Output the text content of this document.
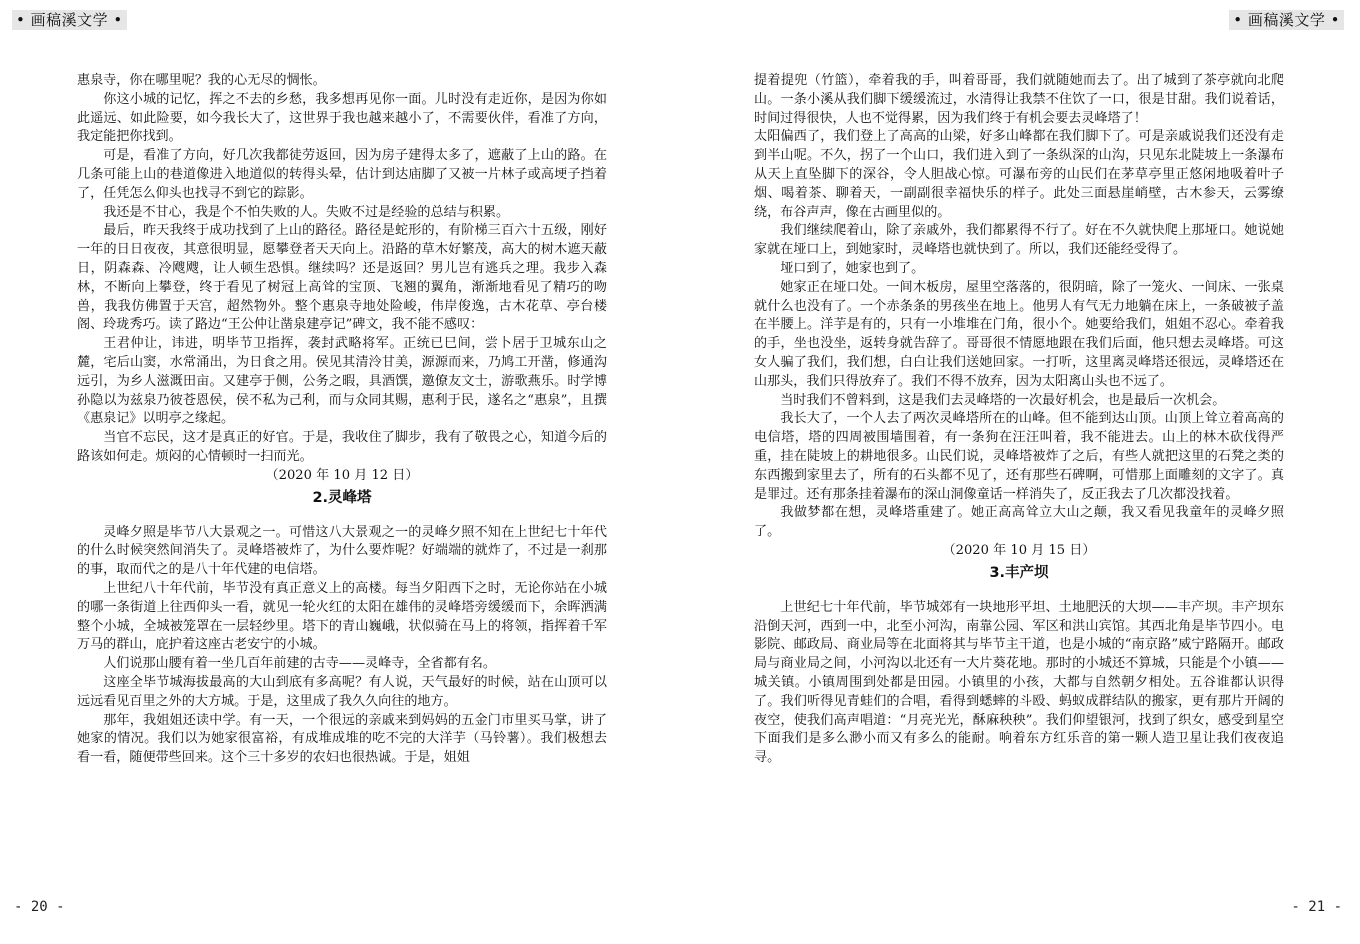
• 画稿溪文学 •	• 画稿溪文学 •

惠泉寺，你在哪里呢？我的心无尽的惆怅。

你这小城的记忆，挥之不去的乡愁，我多想再见你一面。儿时没有走近你，是因为你如此遥远、如此险要，如今我长大了，这世界于我也越来越小了，不需要伙伴，看准了方向，我定能把你找到。

可是，看准了方向，好几次我都徒劳返回，因为房子建得太多了，遮蔽了上山的路。在几条可能上山的巷道像进入地道似的转得头晕，估计到达庙脚了又被一片林子或高埂子挡着了，任凭怎么仰头也找寻不到它的踪影。

我还是不甘心，我是个不怕失败的人。失败不过是经验的总结与积累。

最后，昨天我终于成功找到了上山的路径。路径是蛇形的，有阶梯三百六十五级，刚好一年的日日夜夜，其意很明显，愿攀登者天天向上。沿路的草木好繁茂，高大的树木遮天蔽日，阴森森、冷飕飕，让人顿生恐惧。继续吗？还是返回？男儿岂有逃兵之理。我步入森林，不断向上攀登，终于看见了树冠上高耸的宝顶、飞翘的翼角，渐渐地看见了精巧的吻兽，我我仿佛置于天宫，超然物外。整个惠泉寺地处险峻，伟岸俊逸，古木花草、亭台楼阁、玲珑秀巧。读了路边“王公仲让凿泉建亭记”碑文，我不能不感叹：

王君仲让，讳进，明毕节卫指挥，袭封武略将军。正统已巳间，尝卜居于卫城东山之麓，宅后山窦，水常涌出，为日食之用。侯见其清泠甘美，源源而来，乃鸠工开凿，修通沟远引，为乡人滋溉田亩。又建亭于侧，公务之暇，具酒馔，邀僚友文士，游歌燕乐。时学博孙隐以为兹泉乃彼苍恩侯，侯不私为己利，而与众同其赐，惠利于民，遂名之“惠泉”，且撰《惠泉记》以明亭之缘起。

当官不忘民，这才是真正的好官。于是，我收住了脚步，我有了敬畏之心，知道今后的路该如何走。烦闷的心情顿时一扫而光。

（2020 年 10 月 12 日）

2.灵峰塔

灵峰夕照是毕节八大景观之一。可惜这八大景观之一的灵峰夕照不知在上世纪七十年代的什么时候突然间消失了。灵峰塔被炸了，为什么要炸呢？好端端的就炸了，不过是一刹那的事，取而代之的是八十年代建的电信塔。

上世纪八十年代前，毕节没有真正意义上的高楼。每当夕阳西下之时，无论你站在小城的哪一条街道上往西仰头一看，就见一轮火红的太阳在雄伟的灵峰塔旁缓缓而下，余晖洒满整个小城，全城被笼罩在一层轻纱里。塔下的青山巍峨，状似骑在马上的将领，指挥着千军万马的群山，庇护着这座古老安宁的小城。

人们说那山腰有着一坐几百年前建的古寺——灵峰寺，全省都有名。

这座全毕节城海拔最高的大山到底有多高呢？有人说，天气最好的时候，站在山顶可以远远看见百里之外的大方城。于是，这里成了我久久向往的地方。

那年，我姐姐还读中学。有一天，一个很远的亲戚来到妈妈的五金门市里买马掌，讲了她家的情况。我们以为她家很富裕，有成堆成堆的吃不完的大洋芋（马铃薯）。我们极想去看一看，随便带些回来。这个三十多岁的农妇也很热诚。于是，姐姐

提着提兜（竹篮），牵着我的手，叫着哥哥，我们就随她而去了。出了城到了茶亭就向北爬山。一条小溪从我们脚下缓缓流过，水清得让我禁不住饮了一口，很是甘甜。我们说着话，时间过得很快，人也不觉得累，因为我们终于有机会要去灵峰塔了！

太阳偏西了，我们登上了高高的山梁，好多山峰都在我们脚下了。可是亲戚说我们还没有走到半山呢。不久，拐了一个山口，我们进入到了一条纵深的山沟，只见东北陡坡上一条瀑布从天上直坠脚下的深谷，令人胆战心惊。可瀑布旁的山民们在茅草亭里正悠闲地吸着叶子烟、喝着茶、聊着天，一副副很幸福快乐的样子。此处三面悬崖峭壁，古木参天，云雾缭绕，布谷声声，像在古画里似的。

我们继续爬着山，除了亲戚外，我们都累得不行了。好在不久就快爬上那垭口。她说她家就在垭口上，到她家时，灵峰塔也就快到了。所以，我们还能经受得了。

垭口到了，她家也到了。

她家正在垭口处。一间木板房，屋里空落落的，很阴暗，除了一笼火、一间床、一张桌就什么也没有了。一个赤条条的男孩坐在地上。他男人有气无力地躺在床上，一条破被子盖在半腰上。洋芋是有的，只有一小堆堆在门角，很小个。她要给我们，姐姐不忍心。牵着我的手，坐也没坐，返转身就告辞了。哥哥很不情愿地跟在我们后面，他只想去灵峰塔。可这女人骗了我们，我们想，白白让我们送她回家。一打听，这里离灵峰塔还很远，灵峰塔还在山那头，我们只得放弃了。我们不得不放弃，因为太阳离山头也不远了。

当时我们不曾料到，这是我们去灵峰塔的一次最好机会，也是最后一次机会。

我长大了，一个人去了两次灵峰塔所在的山峰。但不能到达山顶。山顶上耸立着高高的电信塔，塔的四周被围墙围着，有一条狗在汪汪叫着，我不能进去。山上的林木砍伐得严重，挂在陡坡上的耕地很多。山民们说，灵峰塔被炸了之后，有些人就把这里的石凳之类的东西搬到家里去了，所有的石头都不见了，还有那些石碑啊，可惜那上面雕刻的文字了。真是罪过。还有那条挂着瀑布的深山洞像童话一样消失了，反正我去了几次都没找着。

我做梦都在想，灵峰塔重建了。她正高高耸立大山之颠，我又看见我童年的灵峰夕照了。

（2020 年 10 月 15 日）

3.丰产坝

上世纪七十年代前，毕节城郊有一块地形平坦、土地肥沃的大坝——丰产坝。丰产坝东沿倒天河，西到一中，北至小河沟，南靠公园、军区和洪山宾馆。其西北角是毕节四小。电影院、邮政局、商业局等在北面将其与毕节主干道，也是小城的“南京路”威宁路隔开。邮政局与商业局之间，小河沟以北还有一大片葵花地。那时的小城还不算城，只能是个小镇——城关镇。小镇周围到处都是田园。小镇里的小孩，大都与自然朝夕相处。五谷谁都认识得了。我们听得见青蛙们的合唱，看得到蟋蟀的斗殴、蚂蚁成群结队的搬家，更有那片开阔的夜空，使我们高声唱道：“月亮光光，酥麻秧秧”。我们仰望银河，找到了织女，感受到星空下面我们是多么渺小而又有多么的能耐。响着东方红乐音的第一颗人造卫星让我们夜夜追寻。

- 20 -	- 21 -
